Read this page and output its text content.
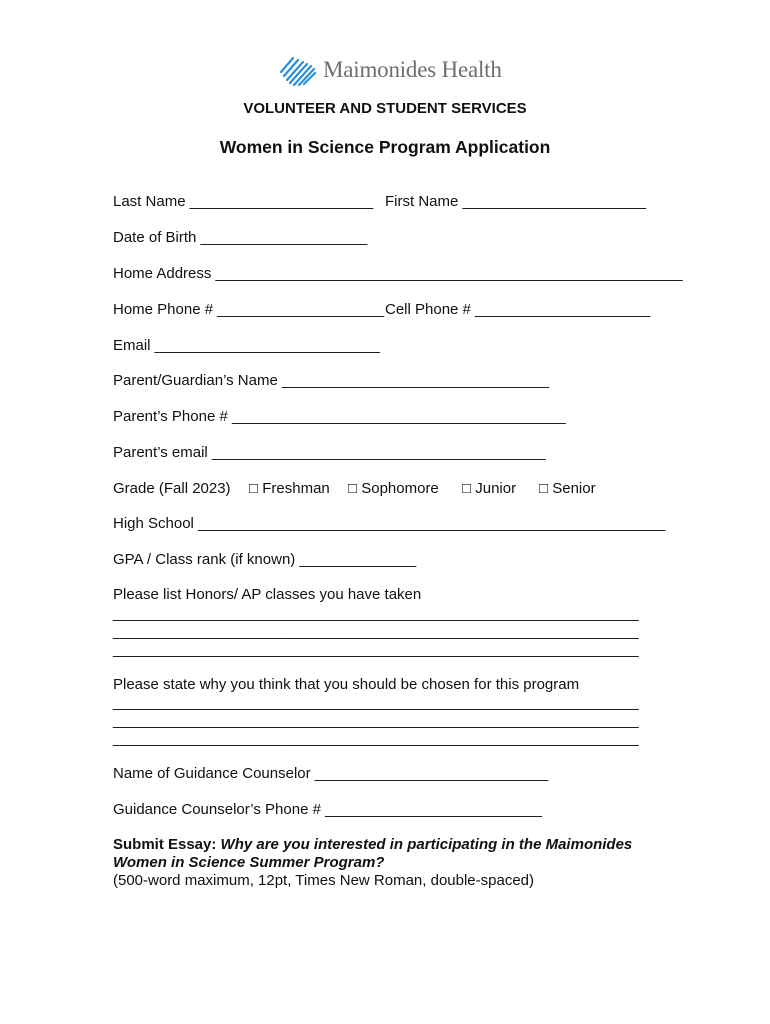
Maimonides Health
VOLUNTEER AND STUDENT SERVICES
Women in Science Program Application
Last Name ______________________ First Name ______________________
Date of Birth ____________________
Home Address ________________________________________________________
Home Phone # ____________________ Cell Phone # _____________________
Email ___________________________
Parent/Guardian’s Name ________________________________
Parent’s Phone # ________________________________________
Parent’s email ________________________________________
Grade (Fall 2023)	□ Freshman	□ Sophomore	□ Junior	□ Senior
High School ________________________________________________________
GPA / Class rank (if known) ______________
Please list Honors/ AP classes you have taken
_______________________________________________________________
_______________________________________________________________
_______________________________________________________________
Please state why you think that you should be chosen for this program
_______________________________________________________________
_______________________________________________________________
_______________________________________________________________
Name of Guidance Counselor ____________________________
Guidance Counselor’s Phone # __________________________
Submit Essay: Why are you interested in participating in the Maimonides Women in Science Summer Program?
(500-word maximum, 12pt, Times New Roman, double-spaced)
